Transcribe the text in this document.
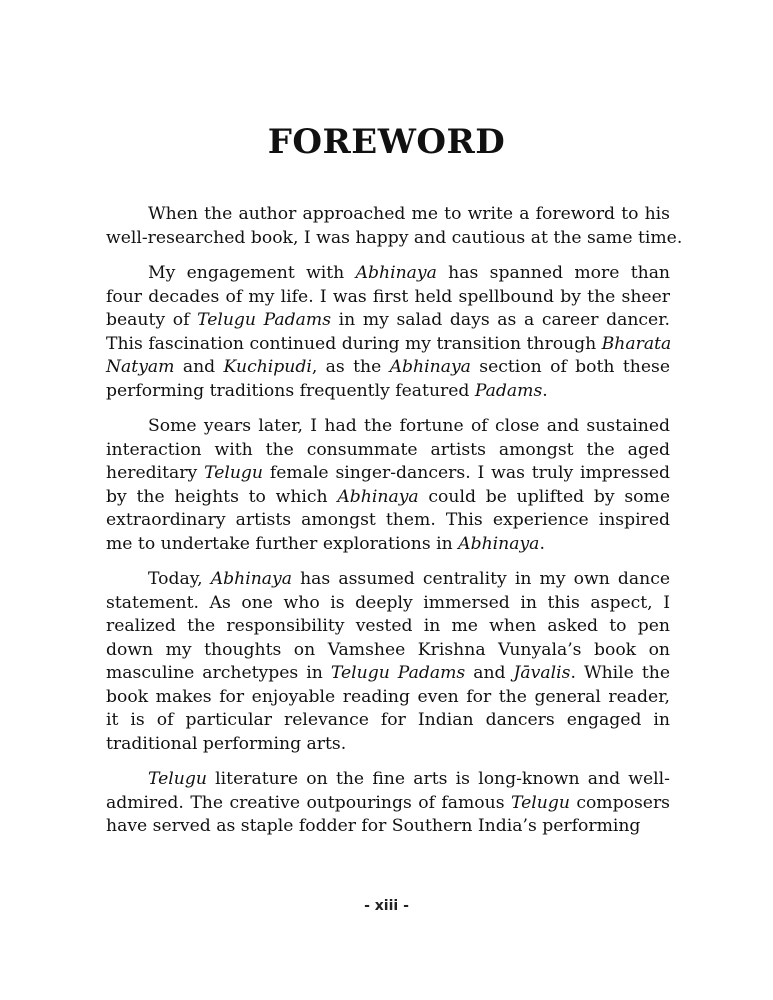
FOREWORD

When the author approached me to write a foreword to his
well-researched book, I was happy and cautious at the same time.

My engagement with Abhinaya has spanned more than
four decades of my life. I was first held spellbound by the sheer
beauty of Telugu Padams in my salad days as a career dancer.
This fascination continued during my transition through Bharata
Natyam and Kuchipudi, as the Abhinaya section of both these
performing traditions frequently featured Padams.

Some years later, I had the fortune of close and sustained
interaction with the consummate artists amongst the aged
hereditary Telugu female singer-dancers. I was truly impressed
by the heights to which Abhinaya could be uplifted by some
extraordinary artists amongst them. This experience inspired
me to undertake further explorations in Abhinaya.

Today, Abhinaya has assumed centrality in my own dance
statement. As one who is deeply immersed in this aspect, I
realized the responsibility vested in me when asked to pen
down my thoughts on Vamshee Krishna Vunyala’s book on
masculine archetypes in Telugu Padams and Jāvalis. While the
book makes for enjoyable reading even for the general reader,
it is of particular relevance for Indian dancers engaged in
traditional performing arts.

Telugu literature on the fine arts is long-known and well-
admired. The creative outpourings of famous Telugu composers
have served as staple fodder for Southern India’s performing

- xiii -
